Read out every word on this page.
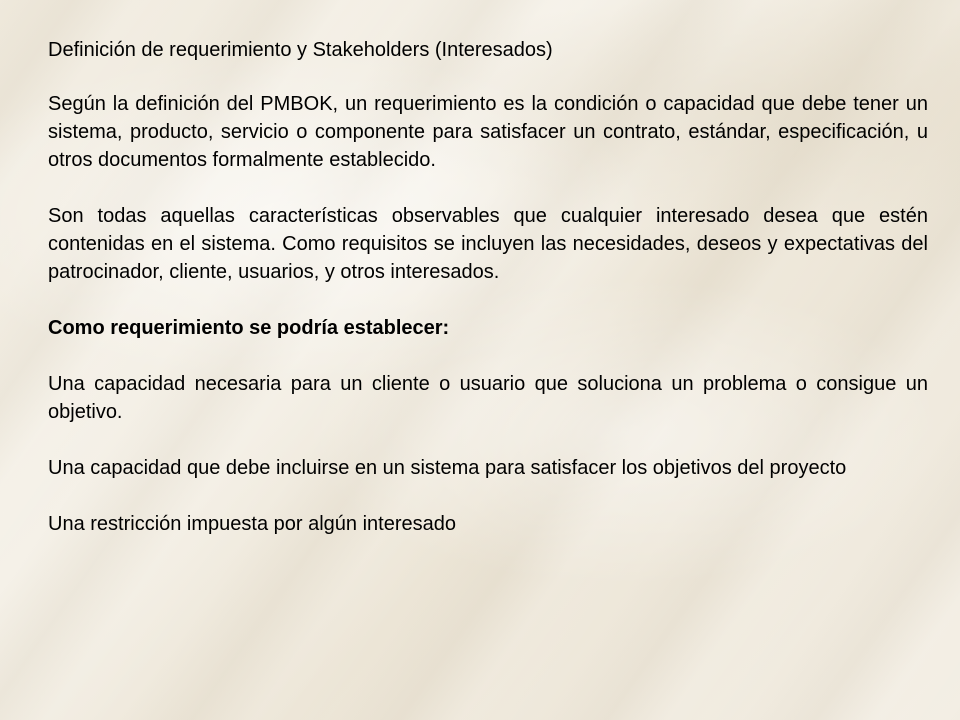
Definición de requerimiento y Stakeholders (Interesados)

Según la definición del PMBOK, un requerimiento es la condición o capacidad que debe tener un sistema, producto, servicio o componente para satisfacer un contrato, estándar, especificación, u otros documentos formalmente establecido.

Son todas aquellas características observables que cualquier interesado desea que estén contenidas en el sistema. Como requisitos se incluyen las necesidades, deseos y expectativas del patrocinador, cliente, usuarios, y otros interesados.

Como requerimiento se podría establecer:

Una capacidad necesaria para un cliente o usuario que soluciona un problema o consigue un objetivo.

Una capacidad que debe incluirse en un sistema para satisfacer los objetivos del proyecto

Una restricción impuesta por algún interesado
